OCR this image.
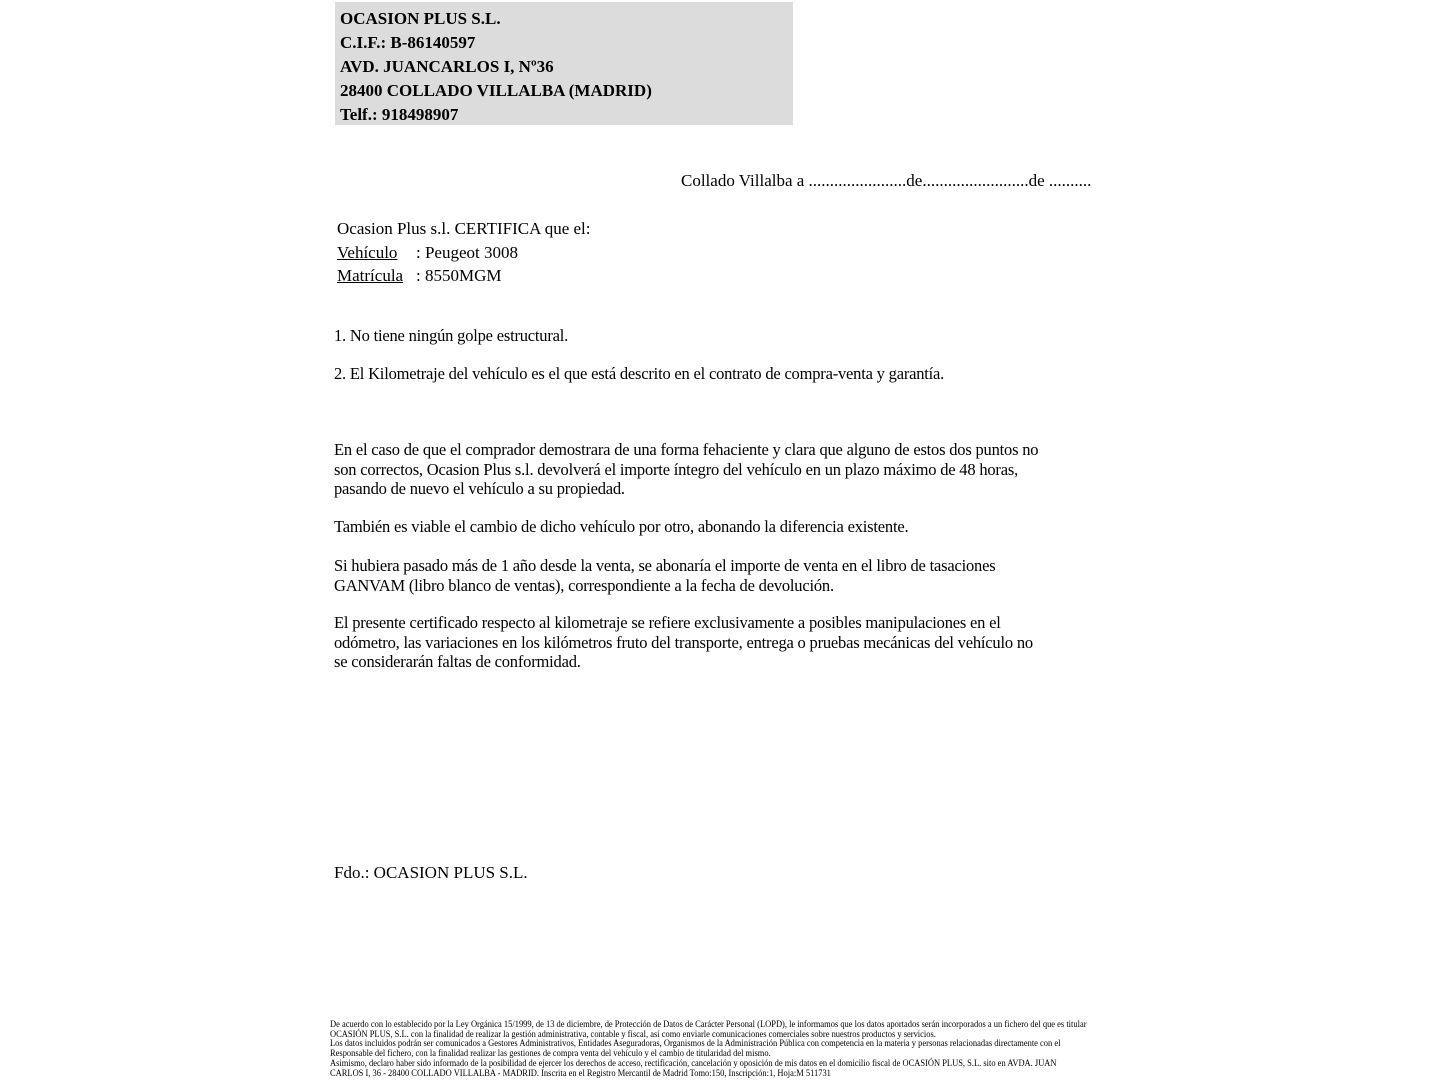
OCASION PLUS S.L.
C.I.F.: B-86140597
AVD. JUANCARLOS I, Nº36
28400 COLLADO VILLALBA (MADRID)
Telf.: 918498907
Collado Villalba a .......................de.........................de ..........
Ocasion Plus s.l. CERTIFICA que el:
Vehículo : Peugeot 3008
Matrícula : 8550MGM
1. No tiene ningún golpe estructural.
2. El Kilometraje del vehículo es el que está descrito en el contrato de compra-venta y garantía.
En el caso de que el comprador demostrara de una forma fehaciente y clara que alguno de estos dos puntos no
son correctos, Ocasion Plus s.l. devolverá el importe íntegro del vehículo en un plazo máximo de 48 horas,
pasando de nuevo el vehículo a su propiedad.
También es viable el cambio de dicho vehículo por otro, abonando la diferencia existente.
Si hubiera pasado más de 1 año desde la venta, se abonaría el importe de venta en el libro de tasaciones
GANVAM (libro blanco de ventas), correspondiente a la fecha de devolución.
El presente certificado respecto al kilometraje se refiere exclusivamente a posibles manipulaciones en el
odómetro, las variaciones en los kilómetros fruto del transporte, entrega o pruebas mecánicas del vehículo no
se considerarán faltas de conformidad.
Fdo.: OCASION PLUS S.L.
De acuerdo con lo establecido por la Ley Orgánica 15/1999, de 13 de diciembre, de Protección de Datos de Carácter Personal (LOPD), le informamos que los datos aportados serán incorporados a un fichero del que es titular
OCASIÓN PLUS, S.L. con la finalidad de realizar la gestión administrativa, contable y fiscal, así como enviarle comunicaciones comerciales sobre nuestros productos y servicios.
Los datos incluidos podrán ser comunicados a Gestores Administrativos, Entidades Aseguradoras, Organismos de la Administración Pública con competencia en la materia y personas relacionadas directamente con el
Responsable del fichero, con la finalidad realizar las gestiones de compra venta del vehículo y el cambio de titularidad del mismo.
Asimismo, declaro haber sido informado de la posibilidad de ejercer los derechos de acceso, rectificación, cancelación y oposición de mis datos en el domicilio fiscal de OCASIÓN PLUS, S.L. sito en AVDA. JUAN
CARLOS I, 36 - 28400 COLLADO VILLALBA - MADRID. Inscrita en el Registro Mercantil de Madrid Tomo:150, Inscripción:1, Hoja:M 511731
